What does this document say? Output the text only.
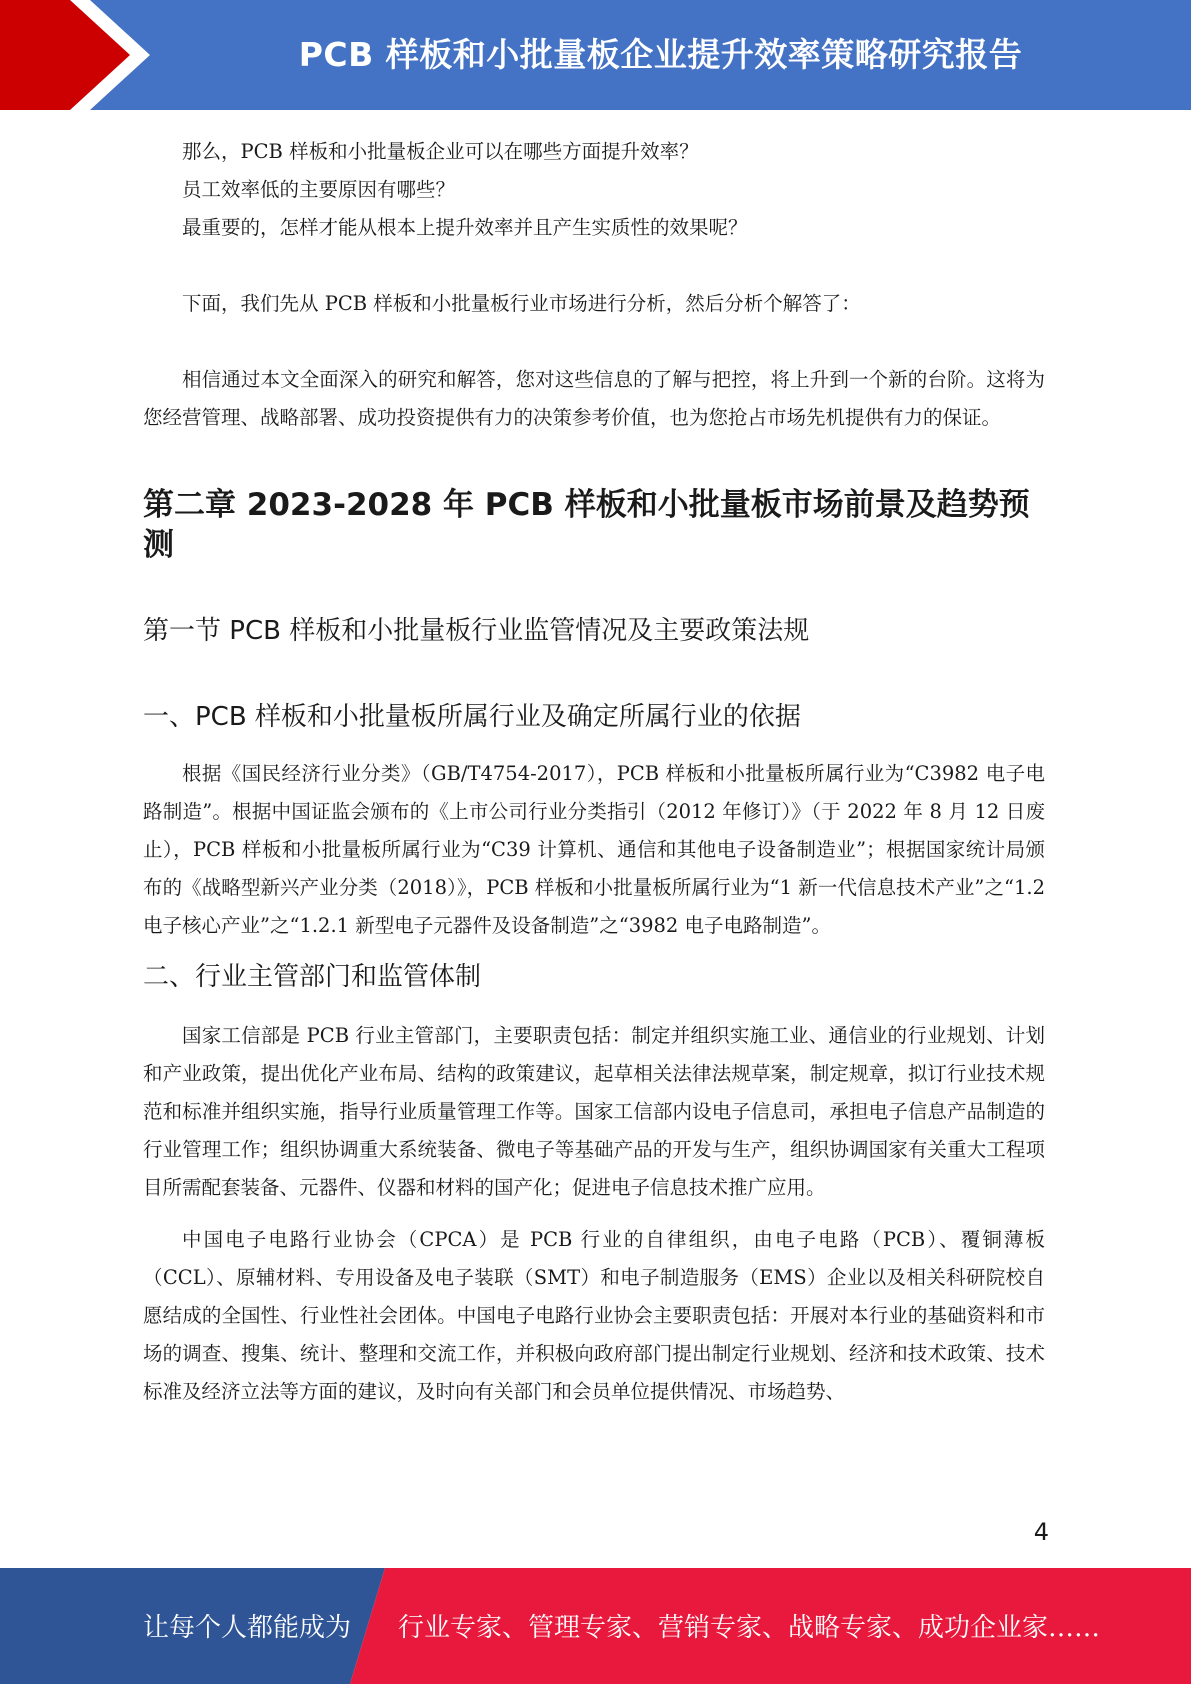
PCB 样板和小批量板企业提升效率策略研究报告

那么，PCB 样板和小批量板企业可以在哪些方面提升效率？

员工效率低的主要原因有哪些？

最重要的，怎样才能从根本上提升效率并且产生实质性的效果呢？

下面，我们先从 PCB 样板和小批量板行业市场进行分析，然后分析个解答了：

相信通过本文全面深入的研究和解答，您对这些信息的了解与把控，将上升到一个新的台阶。这将为您经营管理、战略部署、成功投资提供有力的决策参考价值，也为您抢占市场先机提供有力的保证。

第二章 2023-2028 年 PCB 样板和小批量板市场前景及趋势预测
第一节 PCB 样板和小批量板行业监管情况及主要政策法规
一、PCB 样板和小批量板所属行业及确定所属行业的依据

根据《国民经济行业分类》（GB/T4754-2017），PCB 样板和小批量板所属行业为“C3982 电子电路制造”。根据中国证监会颁布的《上市公司行业分类指引（2012 年修订）》（于 2022 年 8 月 12 日废止），PCB 样板和小批量板所属行业为“C39 计算机、通信和其他电子设备制造业”；根据国家统计局颁布的《战略型新兴产业分类（2018）》，PCB 样板和小批量板所属行业为“1 新一代信息技术产业”之“1.2 电子核心产业”之“1.2.1 新型电子元器件及设备制造”之“3982 电子电路制造”。

二、行业主管部门和监管体制

国家工信部是 PCB 行业主管部门，主要职责包括：制定并组织实施工业、通信业的行业规划、计划和产业政策，提出优化产业布局、结构的政策建议，起草相关法律法规草案，制定规章，拟订行业技术规范和标准并组织实施，指导行业质量管理工作等。国家工信部内设电子信息司，承担电子信息产品制造的行业管理工作；组织协调重大系统装备、微电子等基础产品的开发与生产，组织协调国家有关重大工程项目所需配套装备、元器件、仪器和材料的国产化；促进电子信息技术推广应用。

中国电子电路行业协会（CPCA）是 PCB 行业的自律组织，由电子电路（PCB）、覆铜薄板（CCL）、原辅材料、专用设备及电子装联（SMT）和电子制造服务（EMS）企业以及相关科研院校自愿结成的全国性、行业性社会团体。中国电子电路行业协会主要职责包括：开展对本行业的基础资料和市场的调查、搜集、统计、整理和交流工作，并积极向政府部门提出制定行业规划、经济和技术政策、技术标准及经济立法等方面的建议，及时向有关部门和会员单位提供情况、市场趋势、

4
让每个人都能成为 行业专家、管理专家、营销专家、战略专家、成功企业家……
